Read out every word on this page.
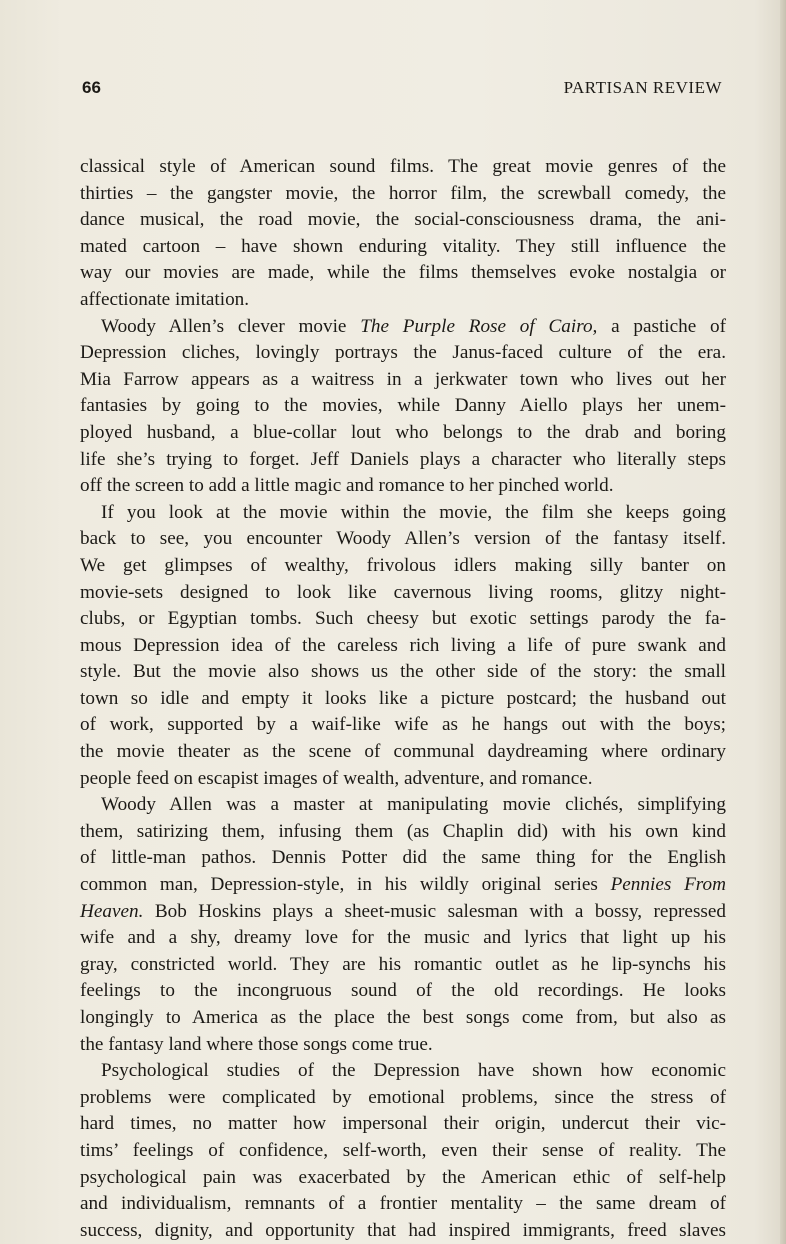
66	PARTISAN REVIEW
classical style of American sound films. The great movie genres of the
thirties – the gangster movie, the horror film, the screwball comedy, the
dance musical, the road movie, the social-consciousness drama, the ani-
mated cartoon – have shown enduring vitality. They still influence the
way our movies are made, while the films themselves evoke nostalgia or
affectionate imitation.
Woody Allen’s clever movie The Purple Rose of Cairo, a pastiche of
Depression cliches, lovingly portrays the Janus-faced culture of the era.
Mia Farrow appears as a waitress in a jerkwater town who lives out her
fantasies by going to the movies, while Danny Aiello plays her unem-
ployed husband, a blue-collar lout who belongs to the drab and boring
life she’s trying to forget. Jeff Daniels plays a character who literally steps
off the screen to add a little magic and romance to her pinched world.
If you look at the movie within the movie, the film she keeps going
back to see, you encounter Woody Allen’s version of the fantasy itself.
We get glimpses of wealthy, frivolous idlers making silly banter on
movie-sets designed to look like cavernous living rooms, glitzy night-
clubs, or Egyptian tombs. Such cheesy but exotic settings parody the fa-
mous Depression idea of the careless rich living a life of pure swank and
style. But the movie also shows us the other side of the story: the small
town so idle and empty it looks like a picture postcard; the husband out
of work, supported by a waif-like wife as he hangs out with the boys;
the movie theater as the scene of communal daydreaming where ordinary
people feed on escapist images of wealth, adventure, and romance.
Woody Allen was a master at manipulating movie clichés, simplifying
them, satirizing them, infusing them (as Chaplin did) with his own kind
of little-man pathos. Dennis Potter did the same thing for the English
common man, Depression-style, in his wildly original series Pennies From
Heaven. Bob Hoskins plays a sheet-music salesman with a bossy, repressed
wife and a shy, dreamy love for the music and lyrics that light up his
gray, constricted world. They are his romantic outlet as he lip-synchs his
feelings to the incongruous sound of the old recordings. He looks
longingly to America as the place the best songs come from, but also as
the fantasy land where those songs come true.
Psychological studies of the Depression have shown how economic
problems were complicated by emotional problems, since the stress of
hard times, no matter how impersonal their origin, undercut their vic-
tims’ feelings of confidence, self-worth, even their sense of reality. The
psychological pain was exacerbated by the American ethic of self-help
and individualism, remnants of a frontier mentality – the same dream of
success, dignity, and opportunity that had inspired immigrants, freed slaves
